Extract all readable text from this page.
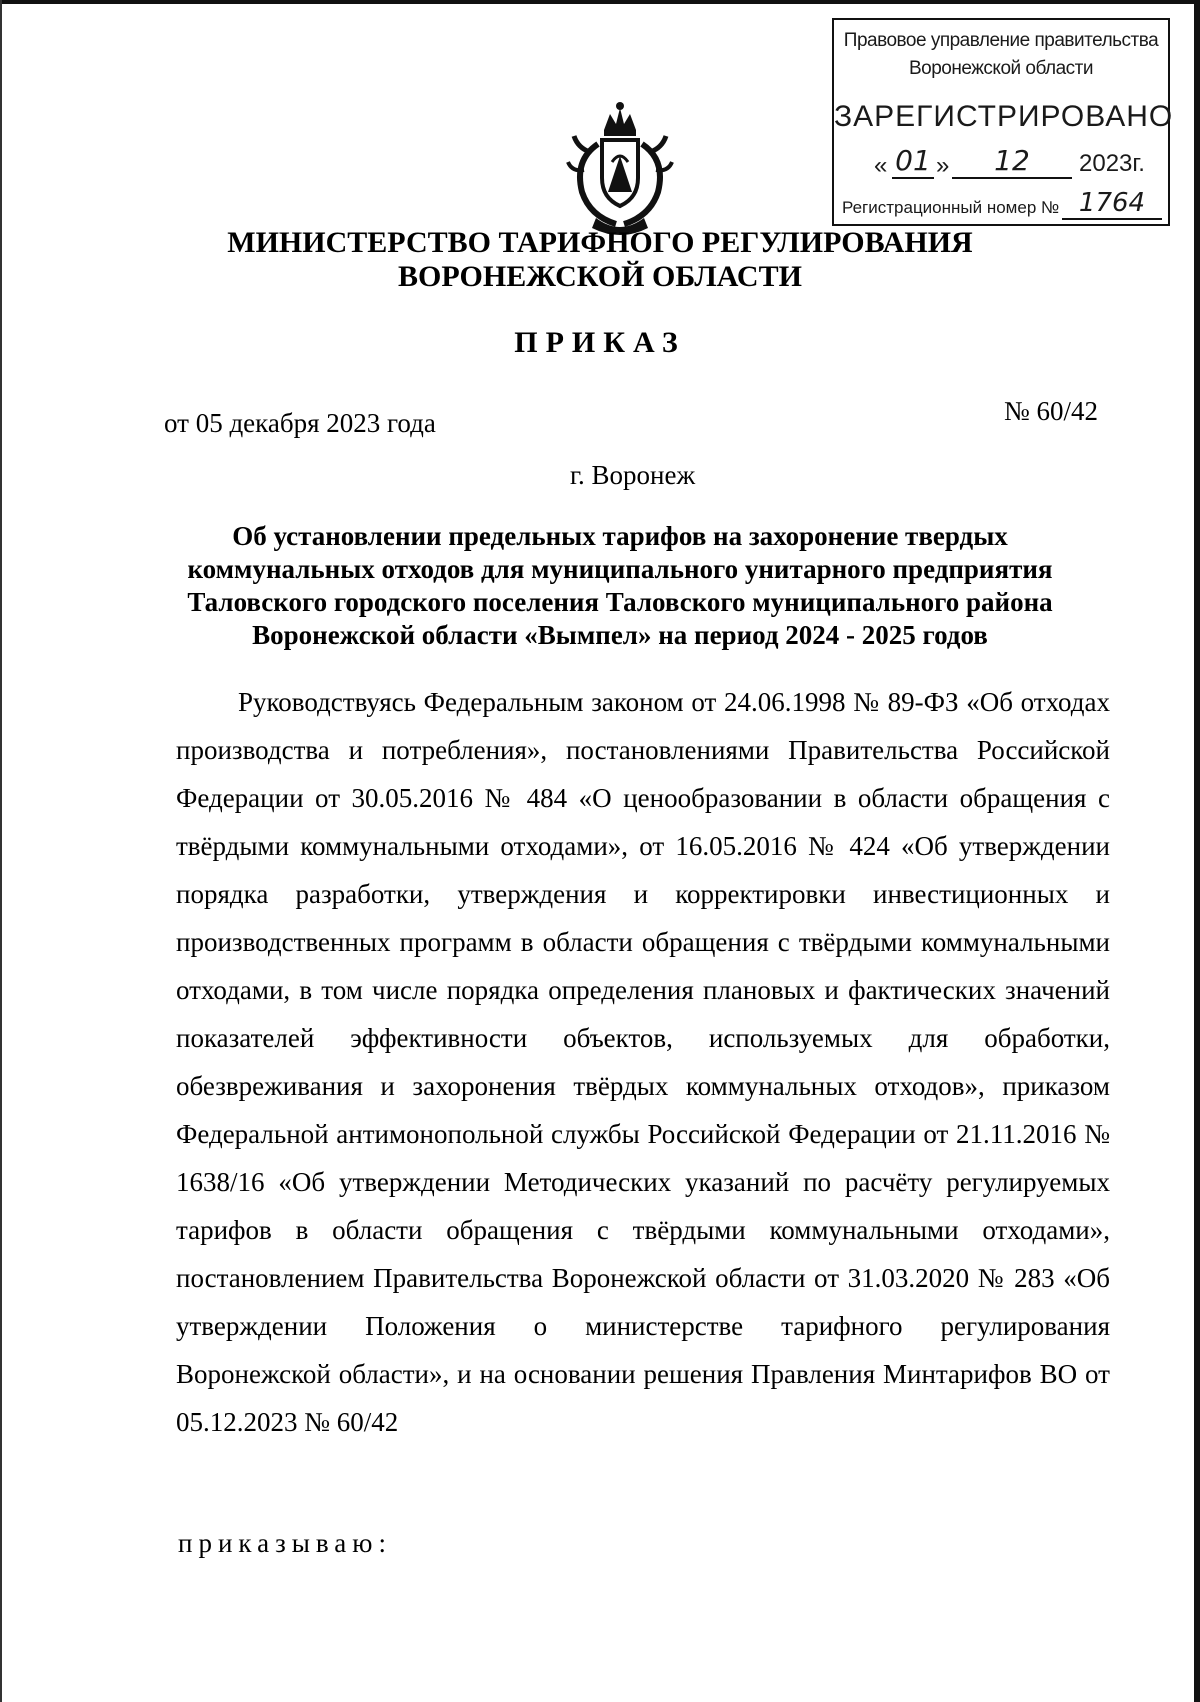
Правовое управление правительства
Воронежской области
ЗАРЕГИСТРИРОВАНО
« 01 »	12	2023г.
Регистрационный номер № 1764
МИНИСТЕРСТВО ТАРИФНОГО РЕГУЛИРОВАНИЯ
ВОРОНЕЖСКОЙ ОБЛАСТИ
ПРИКАЗ
от 05 декабря 2023 года	№ 60/42
г. Воронеж
Об установлении предельных тарифов на захоронение твердых
коммунальных отходов для муниципального унитарного предприятия
Таловского городского поселения Таловского муниципального района
Воронежской области «Вымпел» на период 2024 - 2025 годов

Руководствуясь Федеральным законом от 24.06.1998 № 89-ФЗ «Об отходах производства и потребления», постановлениями Правительства Российской Федерации от 30.05.2016 № 484 «О ценообразовании в области обращения с твёрдыми коммунальными отходами», от 16.05.2016 № 424 «Об утверждении порядка разработки, утверждения и корректировки инвестиционных и производственных программ в области обращения с твёрдыми коммунальными отходами, в том числе порядка определения плановых и фактических значений показателей эффективности объектов, используемых для обработки, обезвреживания и захоронения твёрдых коммунальных отходов», приказом Федеральной антимонопольной службы Российской Федерации от 21.11.2016 № 1638/16 «Об утверждении Методических указаний по расчёту регулируемых тарифов в области обращения с твёрдыми коммунальными отходами», постановлением Правительства Воронежской области от 31.03.2020 № 283 «Об утверждении Положения о министерстве тарифного регулирования Воронежской области», и на основании решения Правления Минтарифов ВО от 05.12.2023 № 60/42

приказываю:
